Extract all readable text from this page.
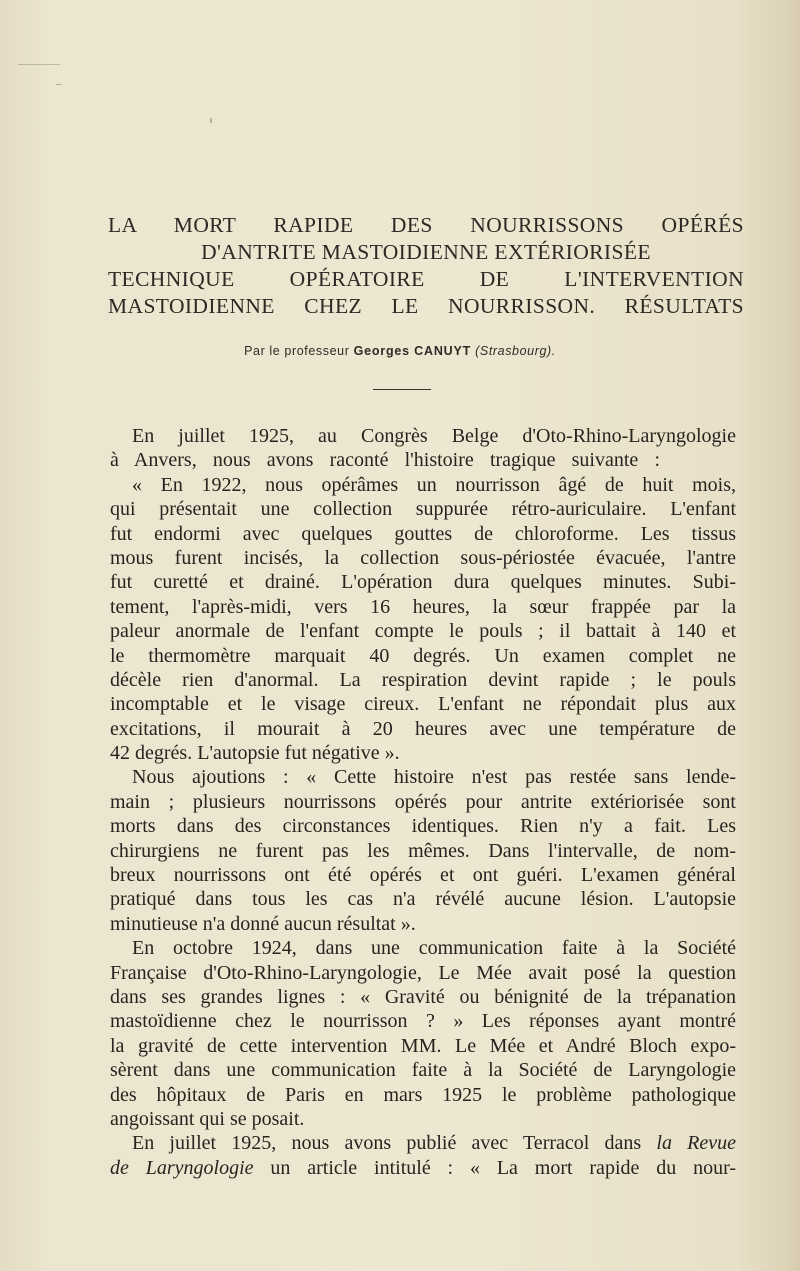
LA MORT RAPIDE DES NOURRISSONS OPÉRÉS
D'ANTRITE MASTOIDIENNE EXTÉRIORISÉE
TECHNIQUE OPÉRATOIRE DE L'INTERVENTION
MASTOIDIENNE CHEZ LE NOURRISSON. RÉSULTATS
Par le professeur Georges CANUYT (Strasbourg).
En juillet 1925, au Congrès Belge d'Oto-Rhino-Laryngologie
à Anvers, nous avons raconté l'histoire tragique suivante :
« En 1922, nous opérâmes un nourrisson âgé de huit mois,
qui présentait une collection suppurée rétro-auriculaire. L'enfant
fut endormi avec quelques gouttes de chloroforme. Les tissus
mous furent incisés, la collection sous-périostée évacuée, l'antre
fut curetté et drainé. L'opération dura quelques minutes. Subi-
tement, l'après-midi, vers 16 heures, la sœur frappée par la
paleur anormale de l'enfant compte le pouls ; il battait à 140 et
le thermomètre marquait 40 degrés. Un examen complet ne
décèle rien d'anormal. La respiration devint rapide ; le pouls
incomptable et le visage cireux. L'enfant ne répondait plus aux
excitations, il mourait à 20 heures avec une température de
42 degrés. L'autopsie fut négative ».
Nous ajoutions : « Cette histoire n'est pas restée sans lende-
main ; plusieurs nourrissons opérés pour antrite extériorisée sont
morts dans des circonstances identiques. Rien n'y a fait. Les
chirurgiens ne furent pas les mêmes. Dans l'intervalle, de nom-
breux nourrissons ont été opérés et ont guéri. L'examen général
pratiqué dans tous les cas n'a révélé aucune lésion. L'autopsie
minutieuse n'a donné aucun résultat ».
En octobre 1924, dans une communication faite à la Société
Française d'Oto-Rhino-Laryngologie, Le Mée avait posé la question
dans ses grandes lignes : « Gravité ou bénignité de la trépanation
mastoïdienne chez le nourrisson ? » Les réponses ayant montré
la gravité de cette intervention MM. Le Mée et André Bloch expo-
sèrent dans une communication faite à la Société de Laryngologie
des hôpitaux de Paris en mars 1925 le problème pathologique
angoissant qui se posait.
En juillet 1925, nous avons publié avec Terracol dans la Revue
de Laryngologie un article intitulé : « La mort rapide du nour-
